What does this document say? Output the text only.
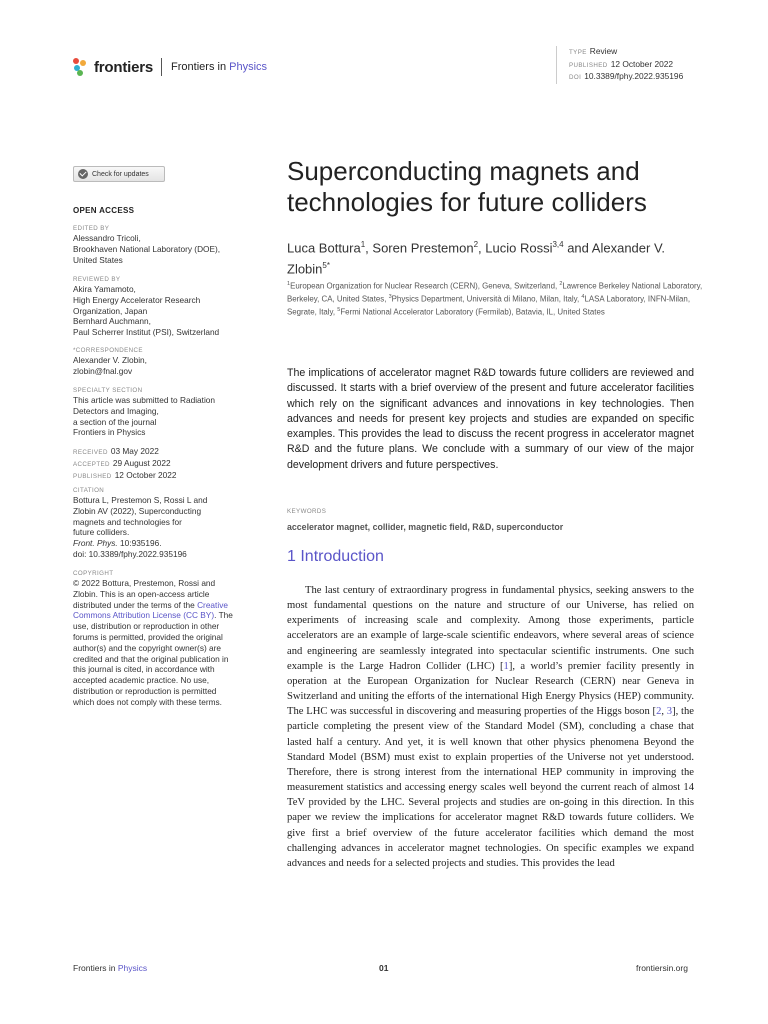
frontiers Frontiers in Physics
TYPE Review
PUBLISHED 12 October 2022
DOI 10.3389/fphy.2022.935196
Check for updates
OPEN ACCESS
EDITED BY
Alessandro Tricoli,
Brookhaven National Laboratory (DOE),
United States
REVIEWED BY
Akira Yamamoto,
High Energy Accelerator Research
Organization, Japan
Bernhard Auchmann,
Paul Scherrer Institut (PSI), Switzerland
*CORRESPONDENCE
Alexander V. Zlobin,
zlobin@fnal.gov
SPECIALTY SECTION
This article was submitted to Radiation
Detectors and Imaging,
a section of the journal
Frontiers in Physics
RECEIVED 03 May 2022
ACCEPTED 29 August 2022
PUBLISHED 12 October 2022
CITATION
Bottura L, Prestemon S, Rossi L and
Zlobin AV (2022), Superconducting
magnets and technologies for
future colliders.
Front. Phys. 10:935196.
doi: 10.3389/fphy.2022.935196
COPYRIGHT
© 2022 Bottura, Prestemon, Rossi and Zlobin. This is an open-access article distributed under the terms of the Creative Commons Attribution License (CC BY). The use, distribution or reproduction in other forums is permitted, provided the original author(s) and the copyright owner(s) are credited and that the original publication in this journal is cited, in accordance with accepted academic practice. No use, distribution or reproduction is permitted which does not comply with these terms.
Superconducting magnets and technologies for future colliders
Luca Bottura$^1$, Soren Prestemon$^2$, Lucio Rossi$^{3,4}$ and Alexander V. Zlobin$^{5*}$
$^1$European Organization for Nuclear Research (CERN), Geneva, Switzerland, $^2$Lawrence Berkeley National Laboratory, Berkeley, CA, United States, $^3$Physics Department, Università di Milano, Milan, Italy, $^4$LASA Laboratory, INFN-Milan, Segrate, Italy, $^5$Fermi National Accelerator Laboratory (Fermilab), Batavia, IL, United States
The implications of accelerator magnet R&D towards future colliders are reviewed and discussed. It starts with a brief overview of the present and future accelerator facilities which rely on the significant advances and innovations in key technologies. Then advances and needs for present key projects and studies are expanded on specific examples. This provides the lead to discuss the recent progress in accelerator magnet R&D and the future plans. We conclude with a summary of our view of the major development drivers and future perspectives.
KEYWORDS
accelerator magnet, collider, magnetic field, R&D, superconductor
1 Introduction

The last century of extraordinary progress in fundamental physics, seeking answers to the most fundamental questions on the nature and structure of our Universe, has relied on experiments of increasing scale and complexity. Among those experiments, particle accelerators are an example of large-scale scientific endeavors, where several areas of science and engineering are seamlessly integrated into spectacular scientific instruments. One such example is the Large Hadron Collider (LHC) [1], a world’s premier facility presently in operation at the European Organization for Nuclear Research (CERN) near Geneva in Switzerland and uniting the efforts of the international High Energy Physics (HEP) community. The LHC was successful in discovering and measuring properties of the Higgs boson [2, 3], the particle completing the present view of the Standard Model (SM), concluding a chase that lasted half a century. And yet, it is well known that other physics phenomena Beyond the Standard Model (BSM) must exist to explain properties of the Universe not yet understood. Therefore, there is strong interest from the international HEP community in improving the measurement statistics and accessing energy scales well beyond the current reach of almost 14 TeV provided by the LHC. Several projects and studies are on-going in this direction. In this paper we review the implications for accelerator magnet R&D towards future colliders. We give first a brief overview of the future accelerator facilities which demand the most challenging advances in accelerator magnet technologies. On specific examples we expand advances and needs for a selected projects and studies. This provides the lead

Frontiers in Physics	01	frontiersin.org
